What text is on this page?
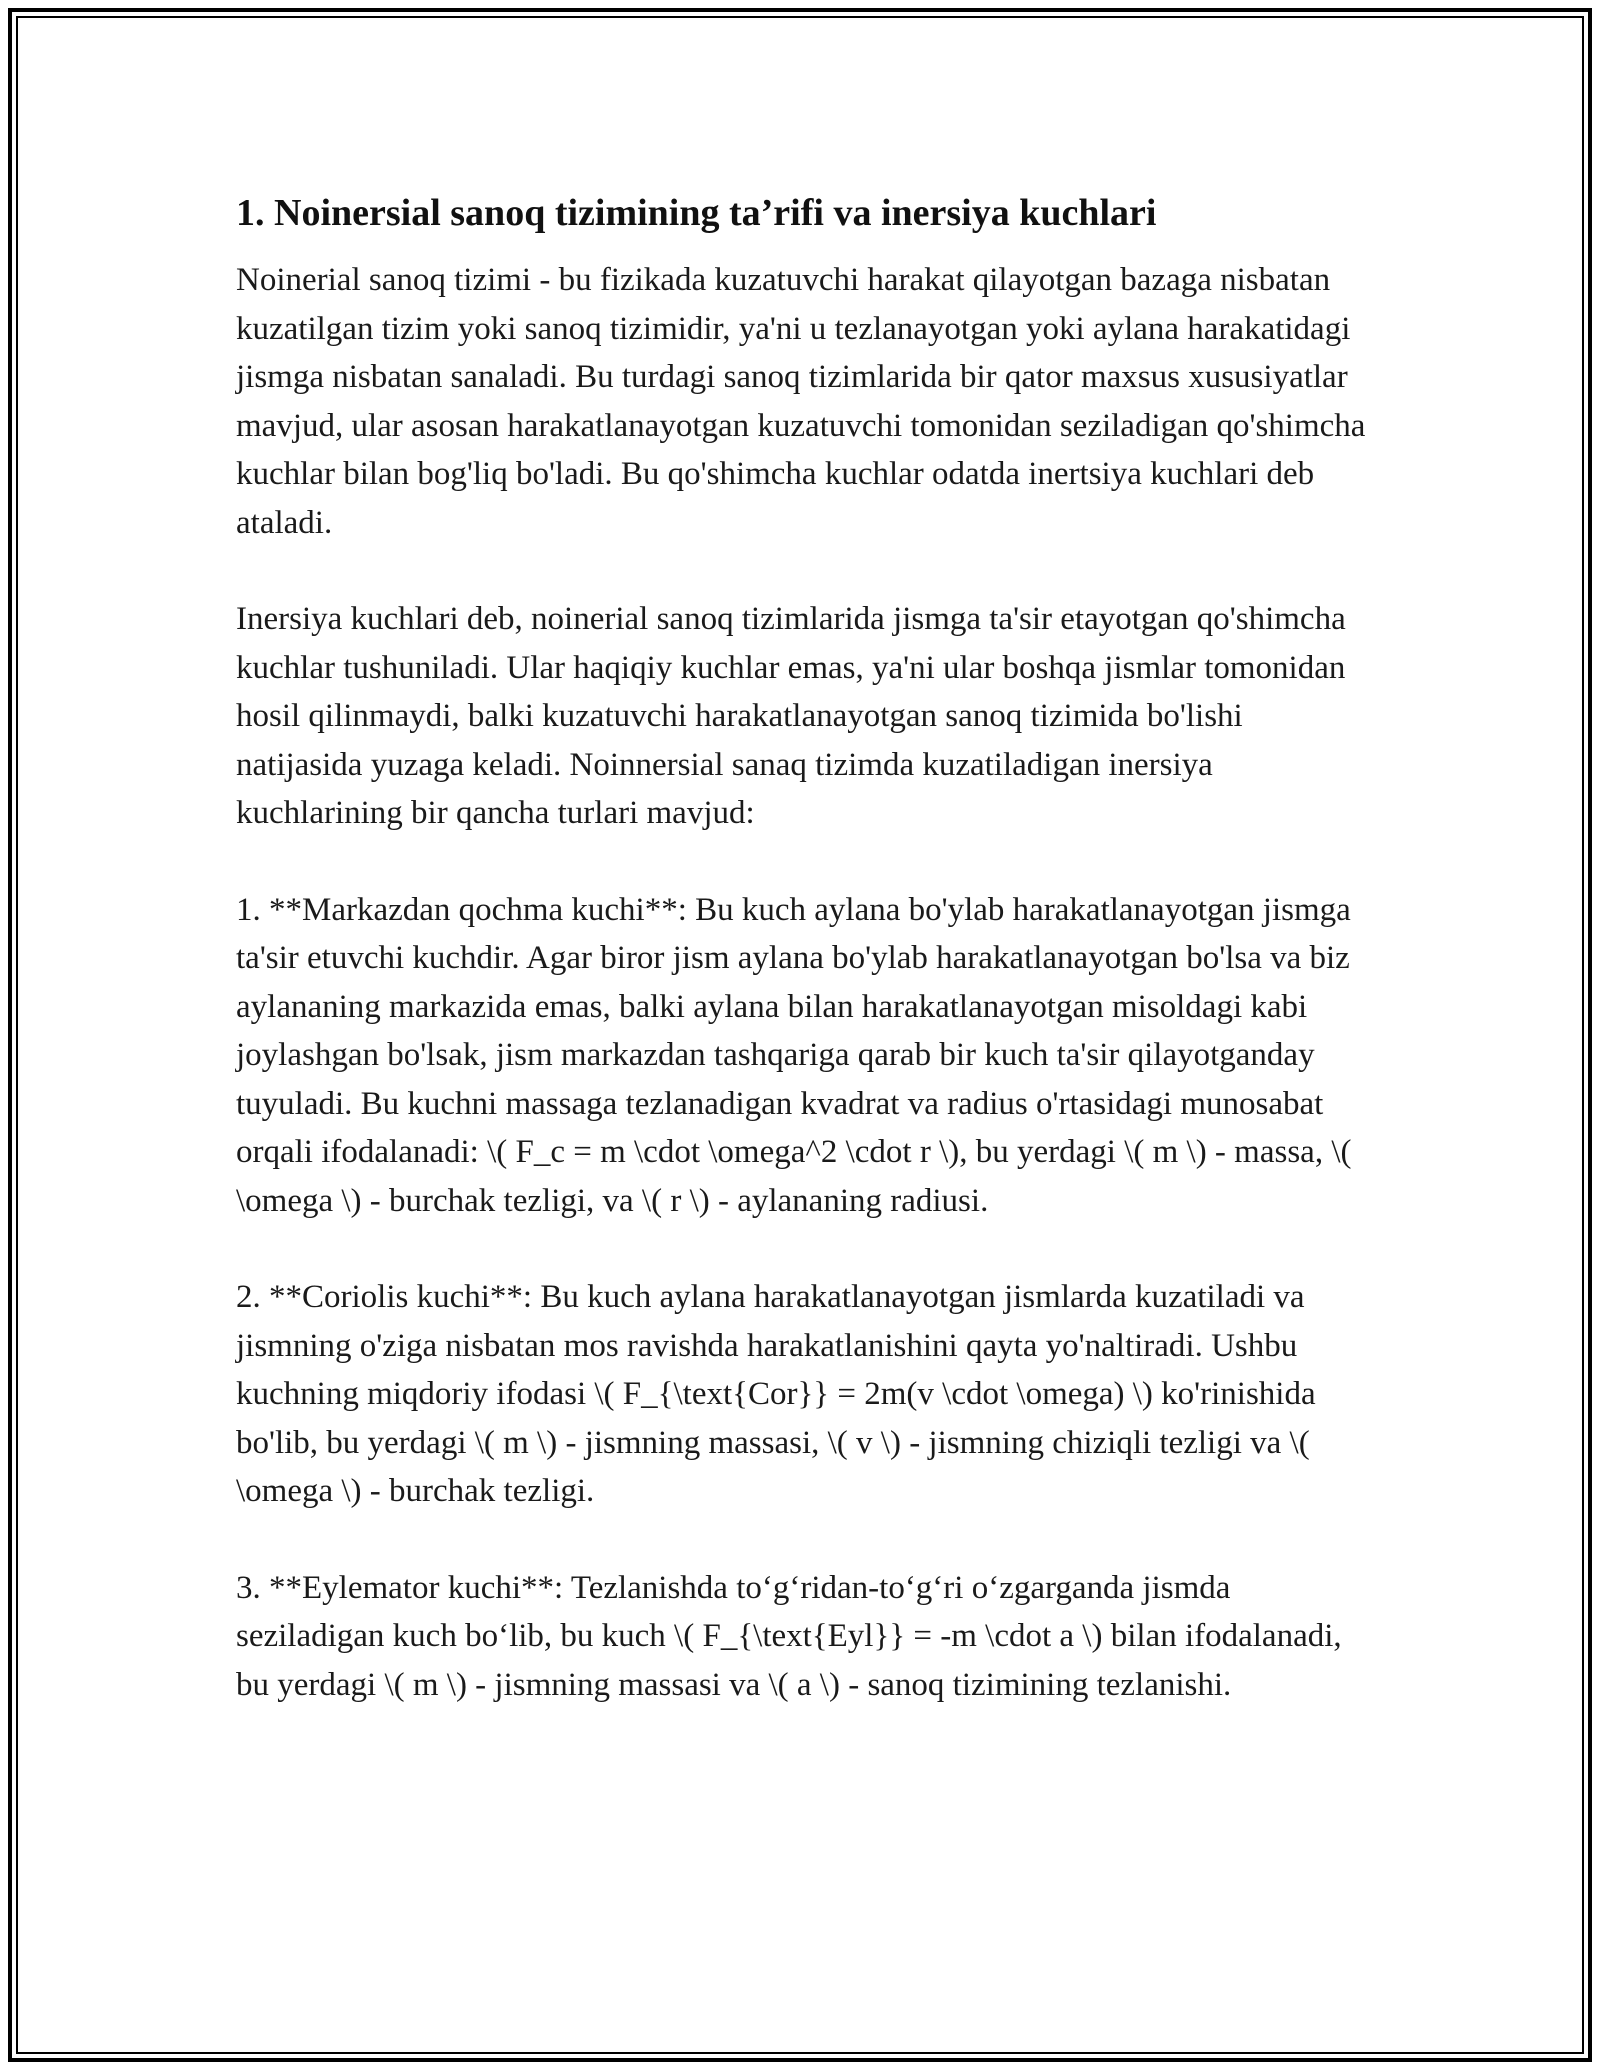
1. Noinersial sanoq tizimining ta’rifi va inersiya kuchlari

Noinerial sanoq tizimi - bu fizikada kuzatuvchi harakat qilayotgan bazaga nisbatan kuzatilgan tizim yoki sanoq tizimidir, ya'ni u tezlanayotgan yoki aylana harakatidagi jismga nisbatan sanaladi. Bu turdagi sanoq tizimlarida bir qator maxsus xususiyatlar mavjud, ular asosan harakatlanayotgan kuzatuvchi tomonidan seziladigan qo'shimcha kuchlar bilan bog'liq bo'ladi. Bu qo'shimcha kuchlar odatda inertsiya kuchlari deb ataladi.

Inersiya kuchlari deb, noinerial sanoq tizimlarida jismga ta'sir etayotgan qo'shimcha kuchlar tushuniladi. Ular haqiqiy kuchlar emas, ya'ni ular boshqa jismlar tomonidan hosil qilinmaydi, balki kuzatuvchi harakatlanayotgan sanoq tizimida bo'lishi natijasida yuzaga keladi. Noinnersial sanaq tizimda kuzatiladigan inersiya kuchlarining bir qancha turlari mavjud:

1. **Markazdan qochma kuchi**: Bu kuch aylana bo'ylab harakatlanayotgan jismga ta'sir etuvchi kuchdir. Agar biror jism aylana bo'ylab harakatlanayotgan bo'lsa va biz aylananing markazida emas, balki aylana bilan harakatlanayotgan misoldagi kabi joylashgan bo'lsak, jism markazdan tashqariga qarab bir kuch ta'sir qilayotganday tuyuladi. Bu kuchni massaga tezlanadigan kvadrat va radius o'rtasidagi munosabat orqali ifodalanadi: \( F_c = m \cdot \omega^2 \cdot r \), bu yerdagi \( m \) - massa, \( \omega \) - burchak tezligi, va \( r \) - aylananing radiusi.

2. **Coriolis kuchi**: Bu kuch aylana harakatlanayotgan jismlarda kuzatiladi va jismning o'ziga nisbatan mos ravishda harakatlanishini qayta yo'naltiradi. Ushbu kuchning miqdoriy ifodasi \( F_{\text{Cor}} = 2m(v \cdot \omega) \) ko'rinishida bo'lib, bu yerdagi \( m \) - jismning massasi, \( v \) - jismning chiziqli tezligi va \( \omega \) - burchak tezligi.

3. **Eylemator kuchi**: Tezlanishda to‘g‘ridan-to‘g‘ri o‘zgarganda jismda seziladigan kuch bo‘lib, bu kuch \( F_{\text{Eyl}} = -m \cdot a \) bilan ifodalanadi, bu yerdagi \( m \) - jismning massasi va \( a \) - sanoq tizimining tezlanishi.
